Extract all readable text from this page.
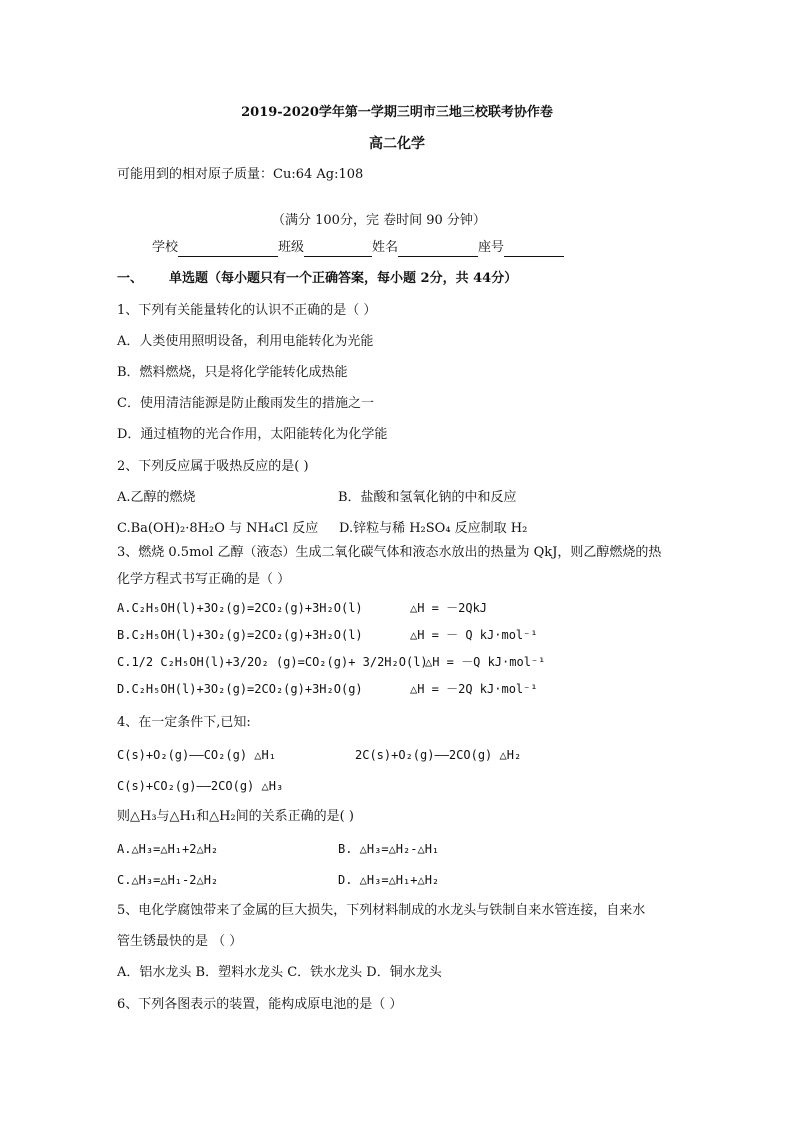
2019-2020学年第一学期三明市三地三校联考协作卷
高二化学
可能用到的相对原子质量：Cu:64 Ag:108
（满分 100分，完 卷时间 90 分钟）
学校	班级	姓名	座号
一、 单选题（每小题只有一个正确答案，每小题 2分，共 44分）
1、下列有关能量转化的认识不正确的是（ ）
A．人类使用照明设备，利用电能转化为光能
B．燃料燃烧，只是将化学能转化成热能
C．使用清洁能源是防止酸雨发生的措施之一
D．通过植物的光合作用，太阳能转化为化学能
2、下列反应属于吸热反应的是( )
A.乙醇的燃烧	B．盐酸和氢氧化钠的中和反应
C.Ba(OH)₂·8H₂O 与 NH₄Cl 反应 D.锌粒与稀 H₂SO₄ 反应制取 H₂
3、燃烧 0.5mol 乙醇（液态）生成二氧化碳气体和液态水放出的热量为 QkJ，则乙醇燃烧的热
化学方程式书写正确的是（ ）
A.C₂H₅OH(l)+3O₂(g)=2CO₂(g)+3H₂O(l)	△H = －2QkJ
B.C₂H₅OH(l)+3O₂(g)=2CO₂(g)+3H₂O(l)	△H = － Q kJ·mol⁻¹
C.1/2 C₂H₅OH(l)+3/2O₂ (g)=CO₂(g)+ 3/2H₂O(l)
△H = －Q kJ·mol⁻¹
D.C₂H₅OH(l)+3O₂(g)=2CO₂(g)+3H₂O(g)	△H = －2Q kJ·mol⁻¹
4、在一定条件下,已知:
C(s)+O₂(g)——CO₂(g) △H₁	2C(s)+O₂(g)——2CO(g) △H₂
C(s)+CO₂(g)——2CO(g) △H₃
则△H₃与△H₁和△H₂间的关系正确的是( )
A.△H₃=△H₁+2△H₂	B. △H₃=△H₂-△H₁
C.△H₃=△H₁-2△H₂	D. △H₃=△H₁+△H₂
5、电化学腐蚀带来了金属的巨大损失，下列材料制成的水龙头与铁制自来水管连接，自来水
管生锈最快的是 （ ）
A．铝水龙头 B．塑料水龙头 C．铁水龙头 D．铜水龙头
6、下列各图表示的装置，能构成原电池的是（ ）
